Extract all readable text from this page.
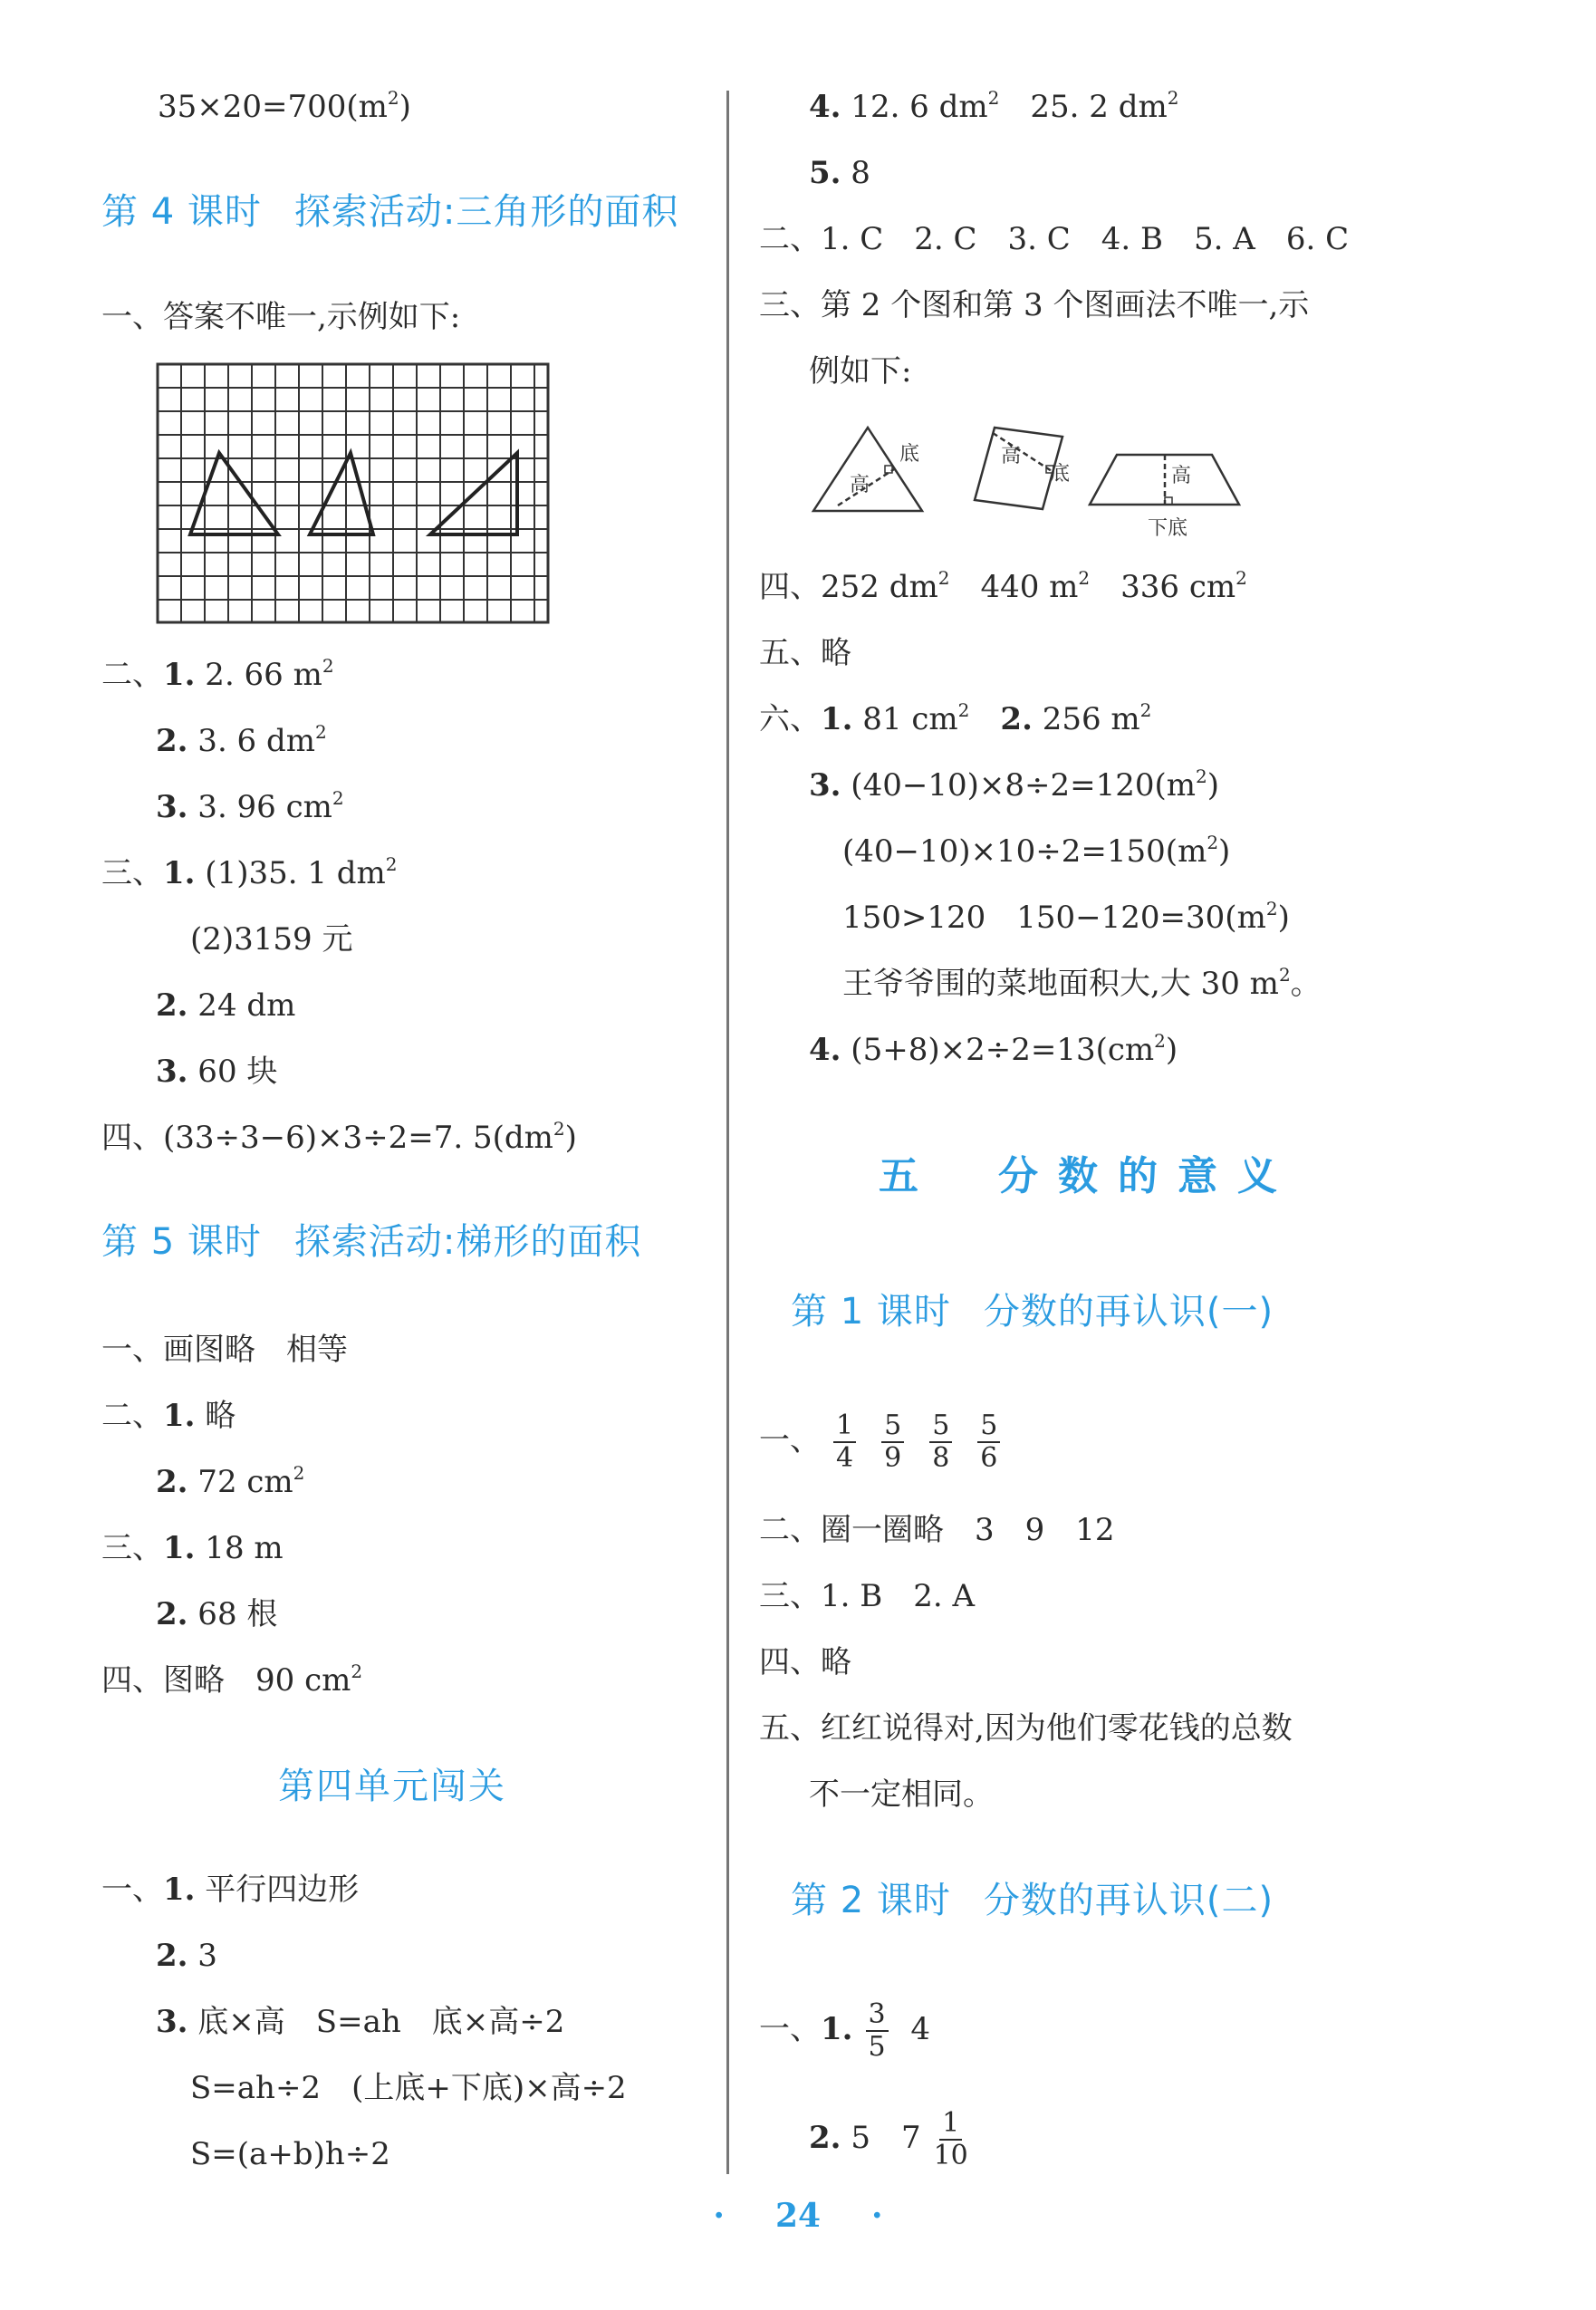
$35\times 20=700(m^2)$
第 4 课时 探索活动:三角形的面积
一、答案不唯一,示例如下:
二、1. 2. 66 $m^2$
2. 3. 6 $dm^2$
3. 3. 96 $cm^2$
三、1. (1)35. 1 $dm^2$
(2)3159 元
2. 24 dm
3. 60 块
四、(33÷3−6)×3÷2=7. $5(dm^2)$
第 5 课时 探索活动:梯形的面积
一、画图略　相等
二、1. 略
2. 72 $cm^2$
三、1. 18 m
2. 68 根
四、图略　90 $cm^2$
第四单元闯关
一、1. 平行四边形
2. 3
3. 底×高　S=ah　底×高÷2
S=ah÷2　(上底+下底)×高÷2
S=(a+b)h÷2
4. 12. 6 $dm^2$　25. 2 $dm^2$
5. 8
二、1. C　2. C　3. C　4. B　5. A　6. C
三、第 2 个图和第 3 个图画法不唯一,示
例如下:
底
高
高
底	高
下底
四、252 $dm^2$　440 $m^2$　336 $cm^2$
五、略
六、1. 81 $cm^2$　 2. 256 $m^2$
3. $(40-10)\times 8\div 2=120(m^2)$
$(40-10)\times 10\div 2=150(m^2)$
150>120　$150-120=30(m^2)$
王爷爷围的菜地面积大,大 30 $m^2$。
4. $(5+8)\times 2\div 2=13(cm^2)$
五　分数的意义
第 1 课时 分数的再认识(一)
一、 $\frac{1}{4} \frac{5}{9} \frac{5}{8} \frac{5}{6}$
二、圈一圈略　3　9　12
三、1. B　2. A
四、略
五、红红说得对,因为他们零花钱的总数
不一定相同。
第 2 课时 分数的再认识(二)
一、1. $\frac{3}{5} 4$
2. 5　$7 \frac{1}{10}$
· 24 ·
